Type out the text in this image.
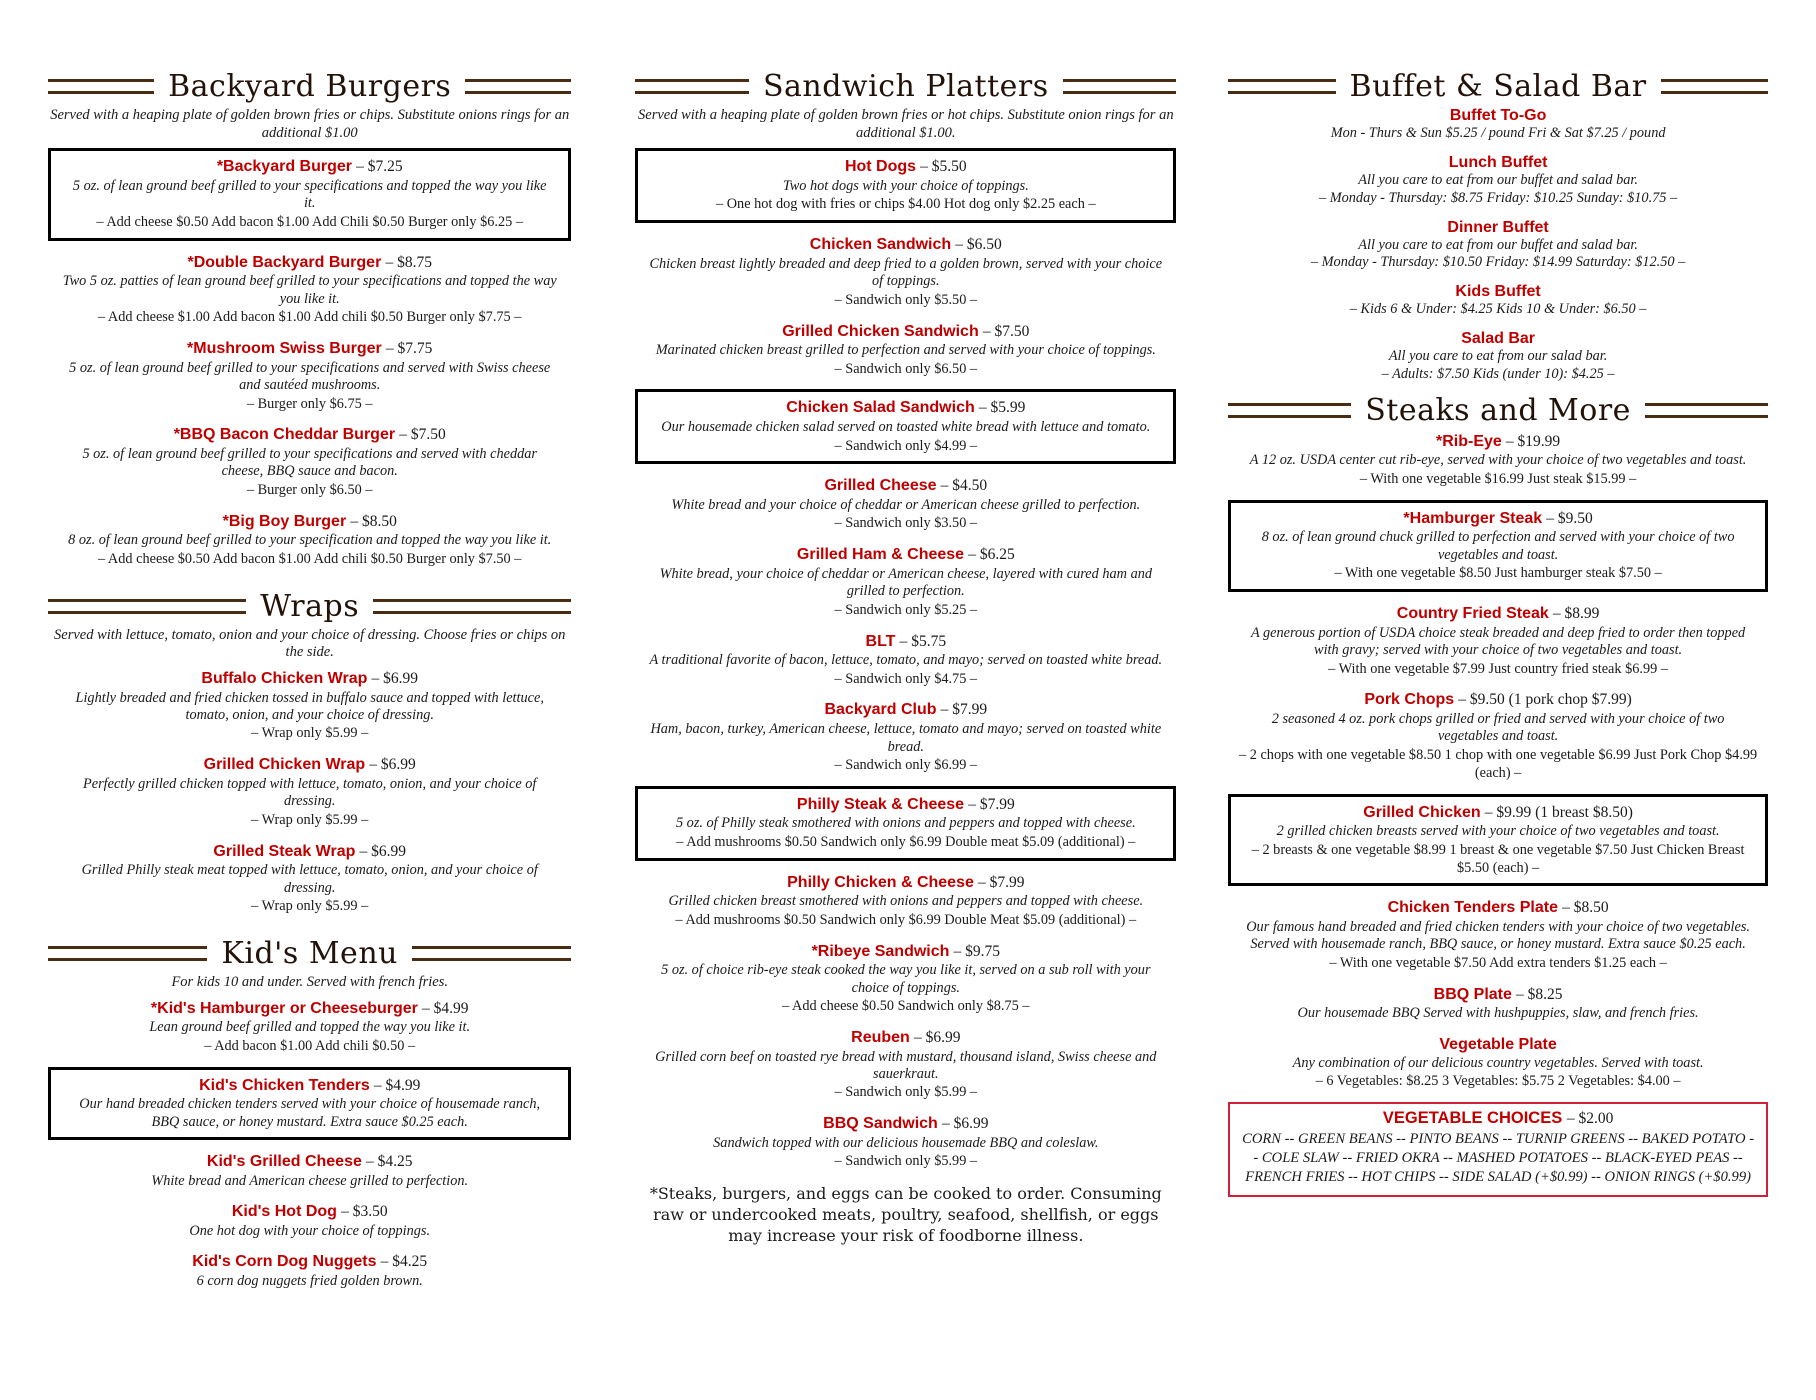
Backyard Burgers
Served with a heaping plate of golden brown fries or chips. Substitute onions rings for an additional $1.00
*Backyard Burger – $7.25
5 oz. of lean ground beef grilled to your specifications and topped the way you like it.
– Add cheese $0.50 Add bacon $1.00 Add Chili $0.50 Burger only $6.25 –
*Double Backyard Burger – $8.75
Two 5 oz. patties of lean ground beef grilled to your specifications and topped the way you like it.
– Add cheese $1.00 Add bacon $1.00 Add chili $0.50 Burger only $7.75 –
*Mushroom Swiss Burger – $7.75
5 oz. of lean ground beef grilled to your specifications and served with Swiss cheese and sautéed mushrooms.
– Burger only $6.75 –
*BBQ Bacon Cheddar Burger – $7.50
5 oz. of lean ground beef grilled to your specifications and served with cheddar cheese, BBQ sauce and bacon.
– Burger only $6.50 –
*Big Boy Burger – $8.50
8 oz. of lean ground beef grilled to your specification and topped the way you like it.
– Add cheese $0.50 Add bacon $1.00 Add chili $0.50 Burger only $7.50 –
Wraps
Served with lettuce, tomato, onion and your choice of dressing. Choose fries or chips on the side.
Buffalo Chicken Wrap – $6.99
Lightly breaded and fried chicken tossed in buffalo sauce and topped with lettuce, tomato, onion, and your choice of dressing.
– Wrap only $5.99 –
Grilled Chicken Wrap – $6.99
Perfectly grilled chicken topped with lettuce, tomato, onion, and your choice of dressing.
– Wrap only $5.99 –
Grilled Steak Wrap – $6.99
Grilled Philly steak meat topped with lettuce, tomato, onion, and your choice of dressing.
– Wrap only $5.99 –
Kid's Menu
For kids 10 and under. Served with french fries.
*Kid's Hamburger or Cheeseburger – $4.99
Lean ground beef grilled and topped the way you like it.
– Add bacon $1.00 Add chili $0.50 –
Kid's Chicken Tenders – $4.99
Our hand breaded chicken tenders served with your choice of housemade ranch, BBQ sauce, or honey mustard. Extra sauce $0.25 each.
Kid's Grilled Cheese – $4.25
White bread and American cheese grilled to perfection.
Kid's Hot Dog – $3.50
One hot dog with your choice of toppings.
Kid's Corn Dog Nuggets – $4.25
6 corn dog nuggets fried golden brown.
Sandwich Platters
Served with a heaping plate of golden brown fries or hot chips. Substitute onion rings for an additional $1.00.
Hot Dogs – $5.50
Two hot dogs with your choice of toppings.
– One hot dog with fries or chips $4.00 Hot dog only $2.25 each –
Chicken Sandwich – $6.50
Chicken breast lightly breaded and deep fried to a golden brown, served with your choice of toppings.
– Sandwich only $5.50 –
Grilled Chicken Sandwich – $7.50
Marinated chicken breast grilled to perfection and served with your choice of toppings.
– Sandwich only $6.50 –
Chicken Salad Sandwich – $5.99
Our housemade chicken salad served on toasted white bread with lettuce and tomato.
– Sandwich only $4.99 –
Grilled Cheese – $4.50
White bread and your choice of cheddar or American cheese grilled to perfection.
– Sandwich only $3.50 –
Grilled Ham & Cheese – $6.25
White bread, your choice of cheddar or American cheese, layered with cured ham and grilled to perfection.
– Sandwich only $5.25 –
BLT – $5.75
A traditional favorite of bacon, lettuce, tomato, and mayo; served on toasted white bread.
– Sandwich only $4.75 –
Backyard Club – $7.99
Ham, bacon, turkey, American cheese, lettuce, tomato and mayo; served on toasted white bread.
– Sandwich only $6.99 –
Philly Steak & Cheese – $7.99
5 oz. of Philly steak smothered with onions and peppers and topped with cheese.
– Add mushrooms $0.50 Sandwich only $6.99 Double meat $5.09 (additional) –
Philly Chicken & Cheese – $7.99
Grilled chicken breast smothered with onions and peppers and topped with cheese.
– Add mushrooms $0.50 Sandwich only $6.99 Double Meat $5.09 (additional) –
*Ribeye Sandwich – $9.75
5 oz. of choice rib-eye steak cooked the way you like it, served on a sub roll with your choice of toppings.
– Add cheese $0.50 Sandwich only $8.75 –
Reuben – $6.99
Grilled corn beef on toasted rye bread with mustard, thousand island, Swiss cheese and sauerkraut.
– Sandwich only $5.99 –
BBQ Sandwich – $6.99
Sandwich topped with our delicious housemade BBQ and coleslaw.
– Sandwich only $5.99 –
*Steaks, burgers, and eggs can be cooked to order. Consuming raw or undercooked meats, poultry, seafood, shellfish, or eggs may increase your risk of foodborne illness.
Buffet & Salad Bar
Buffet To-Go
Mon - Thurs & Sun $5.25 / pound Fri & Sat $7.25 / pound
Lunch Buffet
All you care to eat from our buffet and salad bar.
– Monday - Thursday: $8.75 Friday: $10.25 Sunday: $10.75 –
Dinner Buffet
All you care to eat from our buffet and salad bar.
– Monday - Thursday: $10.50 Friday: $14.99 Saturday: $12.50 –
Kids Buffet
– Kids 6 & Under: $4.25 Kids 10 & Under: $6.50 –
Salad Bar
All you care to eat from our salad bar.
– Adults: $7.50 Kids (under 10): $4.25 –
Steaks and More
*Rib-Eye – $19.99
A 12 oz. USDA center cut rib-eye, served with your choice of two vegetables and toast.
– With one vegetable $16.99 Just steak $15.99 –
*Hamburger Steak – $9.50
8 oz. of lean ground chuck grilled to perfection and served with your choice of two vegetables and toast.
– With one vegetable $8.50 Just hamburger steak $7.50 –
Country Fried Steak – $8.99
A generous portion of USDA choice steak breaded and deep fried to order then topped with gravy; served with your choice of two vegetables and toast.
– With one vegetable $7.99 Just country fried steak $6.99 –
Pork Chops – $9.50 (1 pork chop $7.99)
2 seasoned 4 oz. pork chops grilled or fried and served with your choice of two vegetables and toast.
– 2 chops with one vegetable $8.50 1 chop with one vegetable $6.99 Just Pork Chop $4.99 (each) –
Grilled Chicken – $9.99 (1 breast $8.50)
2 grilled chicken breasts served with your choice of two vegetables and toast.
– 2 breasts & one vegetable $8.99 1 breast & one vegetable $7.50 Just Chicken Breast $5.50 (each) –
Chicken Tenders Plate – $8.50
Our famous hand breaded and fried chicken tenders with your choice of two vegetables. Served with housemade ranch, BBQ sauce, or honey mustard. Extra sauce $0.25 each.
– With one vegetable $7.50 Add extra tenders $1.25 each –
BBQ Plate – $8.25
Our housemade BBQ Served with hushpuppies, slaw, and french fries.
Vegetable Plate
Any combination of our delicious country vegetables. Served with toast.
– 6 Vegetables: $8.25 3 Vegetables: $5.75 2 Vegetables: $4.00 –
VEGETABLE CHOICES – $2.00
CORN -- GREEN BEANS -- PINTO BEANS -- TURNIP GREENS -- BAKED POTATO -- COLE SLAW -- FRIED OKRA -- MASHED POTATOES -- BLACK-EYED PEAS -- FRENCH FRIES -- HOT CHIPS -- SIDE SALAD (+$0.99) -- ONION RINGS (+$0.99)
